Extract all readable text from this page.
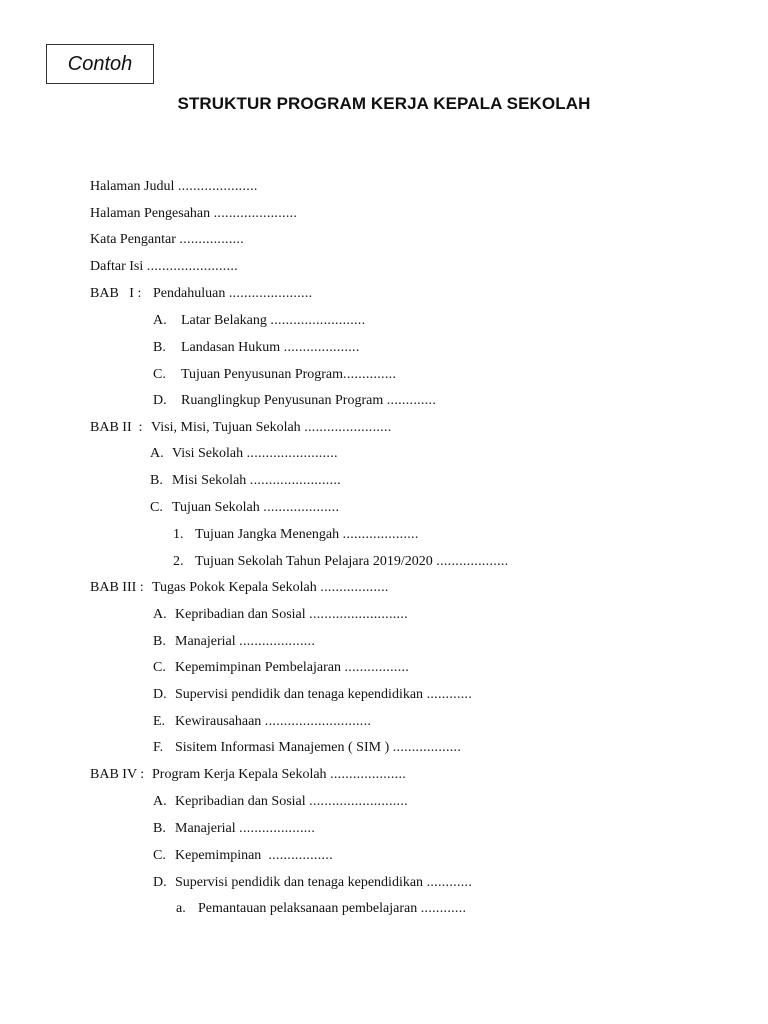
Contoh
STRUKTUR PROGRAM KERJA KEPALA SEKOLAH
Halaman Judul .....................
Halaman Pengesahan ......................
Kata Pengantar .................
Daftar Isi ........................
BAB   I : Pendahuluan ......................
A. Latar Belakang .........................
B. Landasan Hukum ....................
C. Tujuan Penyusunan Program..............
D. Ruanglingkup Penyusunan Program .............
BAB II  : Visi, Misi, Tujuan Sekolah .......................
A. Visi Sekolah ........................
B. Misi Sekolah ........................
C. Tujuan Sekolah ....................
1. Tujuan Jangka Menengah ....................
2. Tujuan Sekolah Tahun Pelajara 2019/2020 ...................
BAB III : Tugas Pokok Kepala Sekolah ..................
A. Kepribadian dan Sosial ..........................
B. Manajerial ....................
C. Kepemimpinan Pembelajaran .................
D. Supervisi pendidik dan tenaga kependidikan ............
E. Kewirausahaan ............................
F. Sisitem Informasi Manajemen ( SIM ) ..................
BAB IV : Program Kerja Kepala Sekolah ....................
A. Kepribadian dan Sosial ..........................
B. Manajerial ....................
C. Kepemimpinan  .................
D. Supervisi pendidik dan tenaga kependidikan ............
a. Pemantauan pelaksanaan pembelajaran ............
